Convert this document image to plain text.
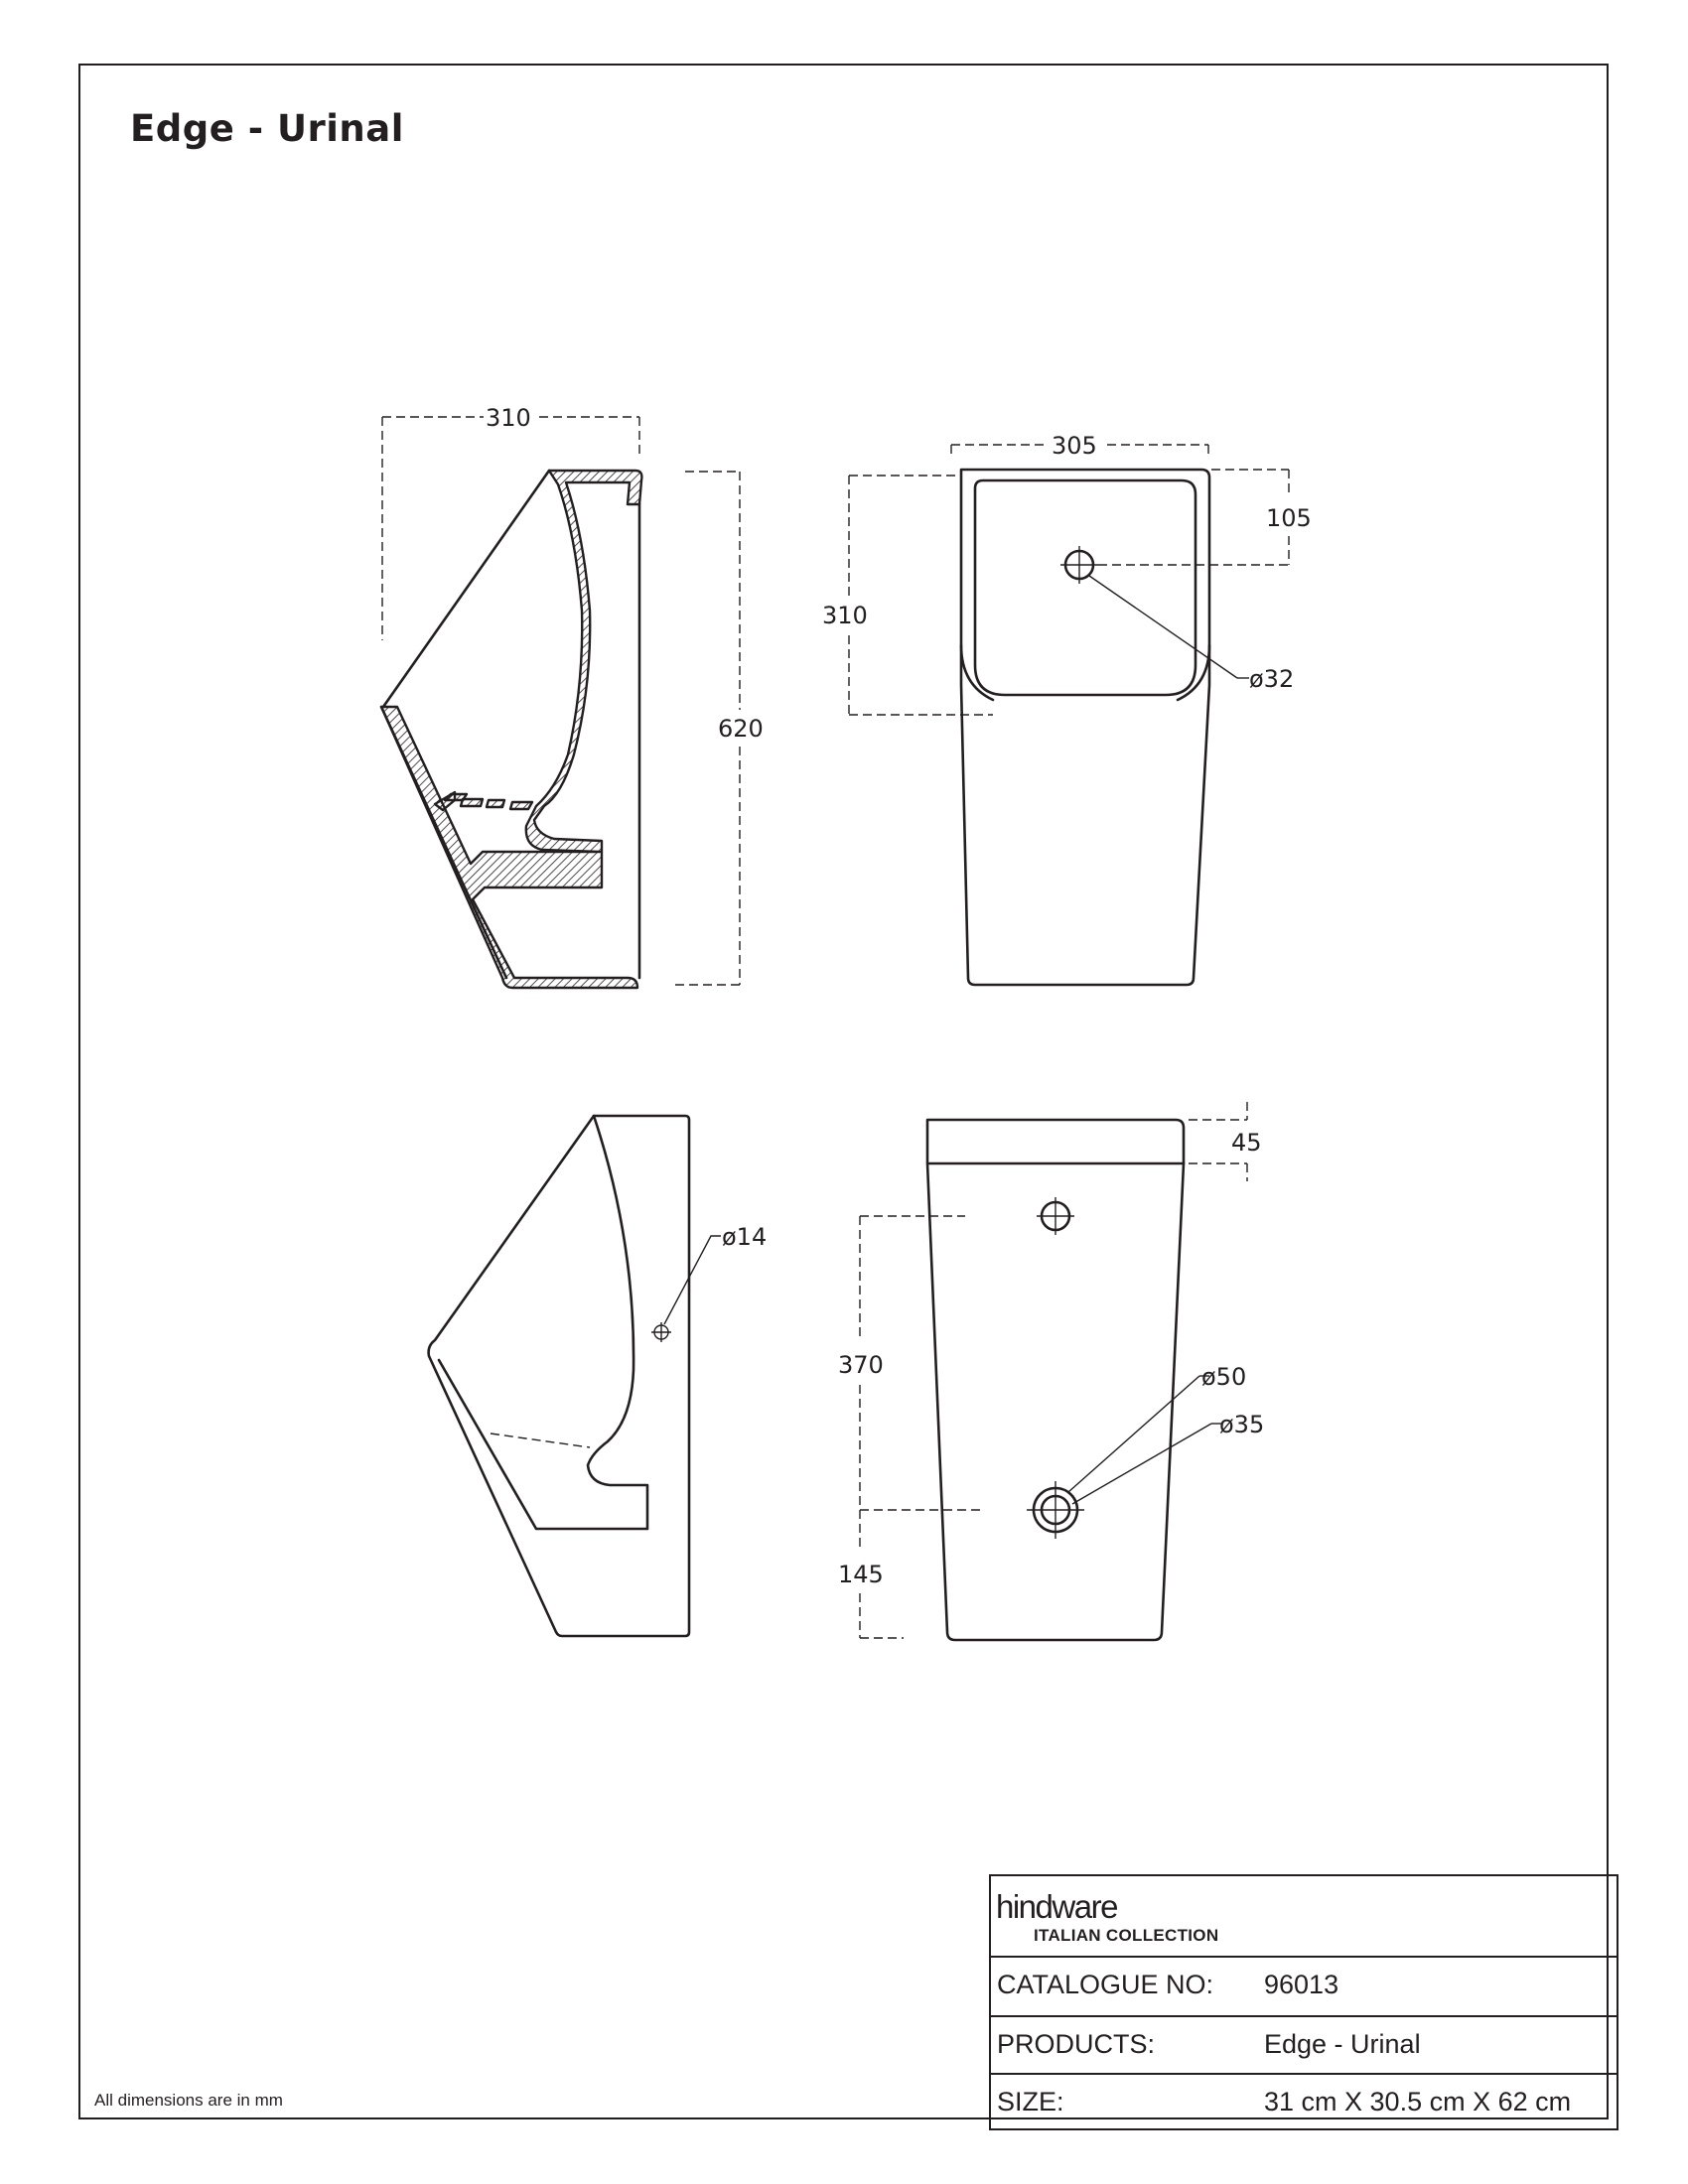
Edge - Urinal
310
620
305
310
105
ø32
ø14
45
370
145
ø50
ø35
hindware
ITALIAN COLLECTION
CATALOGUE NO: 96013
PRODUCTS:	Edge - Urinal
SIZE:	31 cm X 30.5 cm X 62 cm
All dimensions are in mm
